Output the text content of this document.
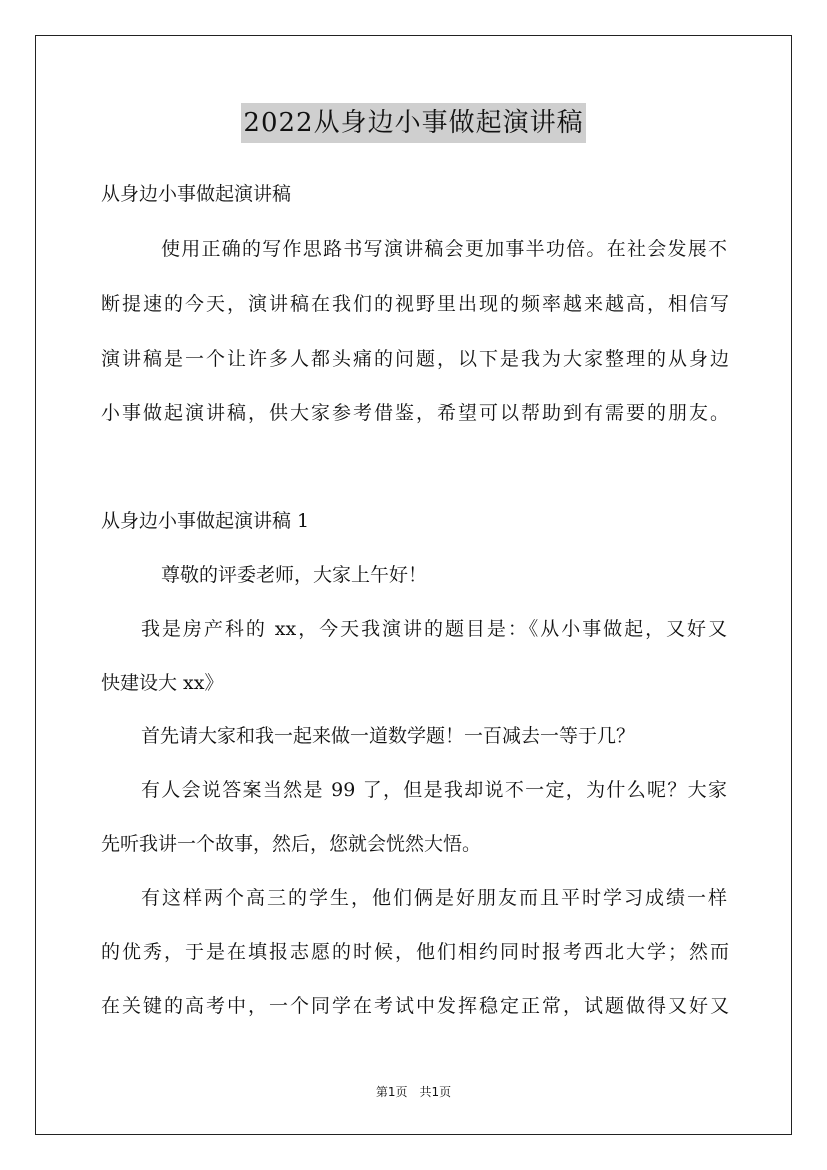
2022从身边小事做起演讲稿
从身边小事做起演讲稿
使用正确的写作思路书写演讲稿会更加事半功倍。在社会发展不
断提速的今天，演讲稿在我们的视野里出现的频率越来越高，相信写
演讲稿是一个让许多人都头痛的问题，以下是我为大家整理的从身边
小事做起演讲稿，供大家参考借鉴，希望可以帮助到有需要的朋友。
从身边小事做起演讲稿 1
尊敬的评委老师，大家上午好！
我是房产科的 xx，今天我演讲的题目是：《从小事做起，又好又
快建设大 xx》
首先请大家和我一起来做一道数学题！一百减去一等于几？
有人会说答案当然是 99 了，但是我却说不一定，为什么呢？大家
先听我讲一个故事，然后，您就会恍然大悟。
有这样两个高三的学生，他们俩是好朋友而且平时学习成绩一样
的优秀，于是在填报志愿的时候，他们相约同时报考西北大学；然而
在关键的高考中，一个同学在考试中发挥稳定正常，试题做得又好又
第1页　共1页
